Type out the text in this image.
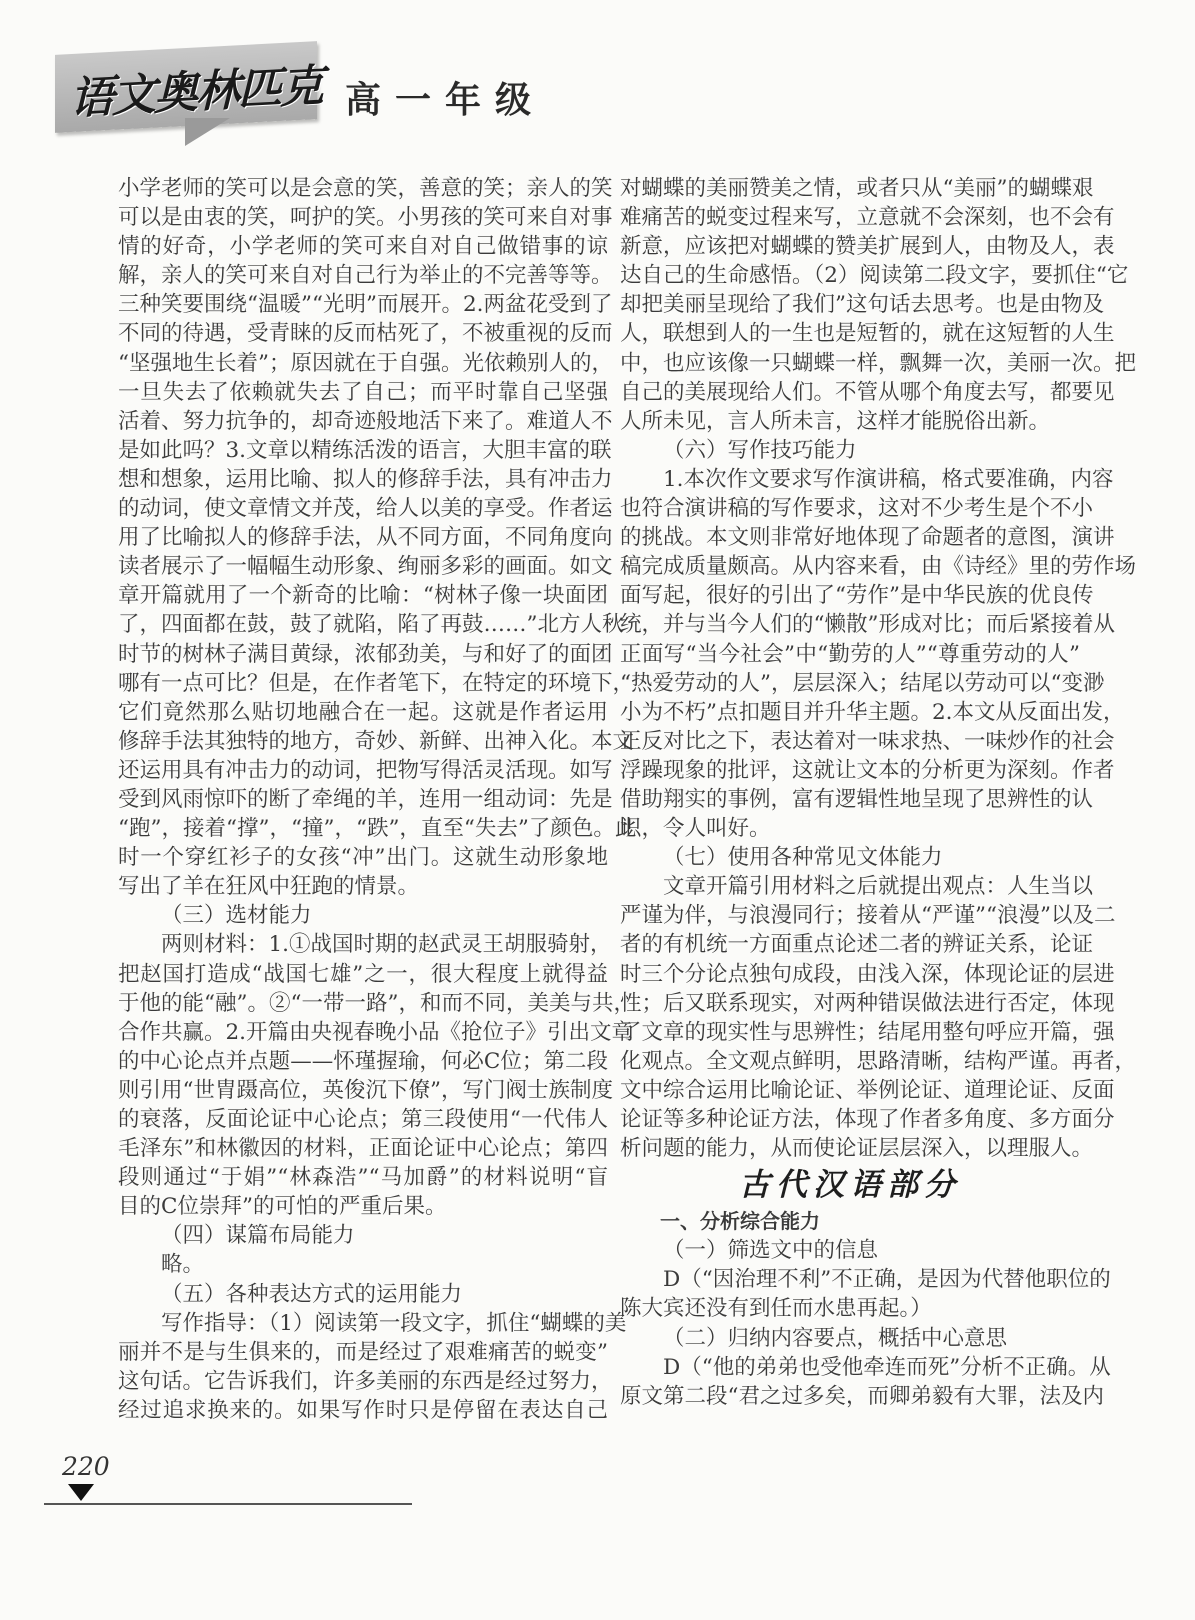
语文奥林匹克 高一年级
小学老师的笑可以是会意的笑，善意的笑；亲人的笑
可以是由衷的笑，呵护的笑。小男孩的笑可来自对事
情的好奇，小学老师的笑可来自对自己做错事的谅
解，亲人的笑可来自对自己行为举止的不完善等等。
三种笑要围绕“温暖”“光明”而展开。2.两盆花受到了
不同的待遇，受青睐的反而枯死了，不被重视的反而
“坚强地生长着”；原因就在于自强。光依赖别人的，
一旦失去了依赖就失去了自己；而平时靠自己坚强
活着、努力抗争的，却奇迹般地活下来了。难道人不
是如此吗？3.文章以精练活泼的语言，大胆丰富的联
想和想象，运用比喻、拟人的修辞手法，具有冲击力
的动词，使文章情文并茂，给人以美的享受。作者运
用了比喻拟人的修辞手法，从不同方面，不同角度向
读者展示了一幅幅生动形象、绚丽多彩的画面。如文
章开篇就用了一个新奇的比喻：“树林子像一块面团
了，四面都在鼓，鼓了就陷，陷了再鼓……”北方人秋
时节的树林子满目黄绿，浓郁劲美，与和好了的面团
哪有一点可比？但是，在作者笔下，在特定的环境下，
它们竟然那么贴切地融合在一起。这就是作者运用
修辞手法其独特的地方，奇妙、新鲜、出神入化。本文
还运用具有冲击力的动词，把物写得活灵活现。如写
受到风雨惊吓的断了牵绳的羊，连用一组动词：先是
“跑”，接着“撑”，“撞”，“跌”，直至“失去”了颜色。此
时一个穿红衫子的女孩“冲”出门。这就生动形象地
写出了羊在狂风中狂跑的情景。
（三）选材能力
两则材料：1.①战国时期的赵武灵王胡服骑射，
把赵国打造成“战国七雄”之一，很大程度上就得益
于他的能“融”。②“一带一路”，和而不同，美美与共，
合作共赢。2.开篇由央视春晚小品《抢位子》引出文章
的中心论点并点题——怀瑾握瑜，何必C位；第二段
则引用“世胄蹑高位，英俊沉下僚”，写门阀士族制度
的衰落，反面论证中心论点；第三段使用“一代伟人
毛泽东”和林徽因的材料，正面论证中心论点；第四
段则通过“于娟”“林森浩”“马加爵”的材料说明“盲
目的C位崇拜”的可怕的严重后果。
（四）谋篇布局能力
略。
（五）各种表达方式的运用能力
写作指导：（1）阅读第一段文字，抓住“蝴蝶的美
丽并不是与生俱来的，而是经过了艰难痛苦的蜕变”
这句话。它告诉我们，许多美丽的东西是经过努力，
经过追求换来的。如果写作时只是停留在表达自己
对蝴蝶的美丽赞美之情，或者只从“美丽”的蝴蝶艰
难痛苦的蜕变过程来写，立意就不会深刻，也不会有
新意，应该把对蝴蝶的赞美扩展到人，由物及人，表
达自己的生命感悟。（2）阅读第二段文字，要抓住“它
却把美丽呈现给了我们”这句话去思考。也是由物及
人，联想到人的一生也是短暂的，就在这短暂的人生
中，也应该像一只蝴蝶一样，飘舞一次，美丽一次。把
自己的美展现给人们。不管从哪个角度去写，都要见
人所未见，言人所未言，这样才能脱俗出新。
（六）写作技巧能力
1.本次作文要求写作演讲稿，格式要准确，内容
也符合演讲稿的写作要求，这对不少考生是个不小
的挑战。本文则非常好地体现了命题者的意图，演讲
稿完成质量颇高。从内容来看，由《诗经》里的劳作场
面写起，很好的引出了“劳作”是中华民族的优良传
统，并与当今人们的“懒散”形成对比；而后紧接着从
正面写“当今社会”中“勤劳的人”“尊重劳动的人”
“热爱劳动的人”，层层深入；结尾以劳动可以“变渺
小为不朽”点扣题目并升华主题。2.本文从反面出发，
正反对比之下，表达着对一味求热、一味炒作的社会
浮躁现象的批评，这就让文本的分析更为深刻。作者
借助翔实的事例，富有逻辑性地呈现了思辨性的认
识，令人叫好。
（七）使用各种常见文体能力
文章开篇引用材料之后就提出观点：人生当以
严谨为伴，与浪漫同行；接着从“严谨”“浪漫”以及二
者的有机统一方面重点论述二者的辨证关系，论证
时三个分论点独句成段，由浅入深，体现论证的层进
性；后又联系现实，对两种错误做法进行否定，体现
了文章的现实性与思辨性；结尾用整句呼应开篇，强
化观点。全文观点鲜明，思路清晰，结构严谨。再者，
文中综合运用比喻论证、举例论证、道理论证、反面
论证等多种论证方法，体现了作者多角度、多方面分
析问题的能力，从而使论证层层深入，以理服人。
古代汉语部分
一、分析综合能力
（一）筛选文中的信息
D（“因治理不利”不正确，是因为代替他职位的
陈大宾还没有到任而水患再起。）
（二）归纳内容要点，概括中心意思
D（“他的弟弟也受他牵连而死”分析不正确。从
原文第二段“君之过多矣，而卿弟毅有大罪，法及内
220
